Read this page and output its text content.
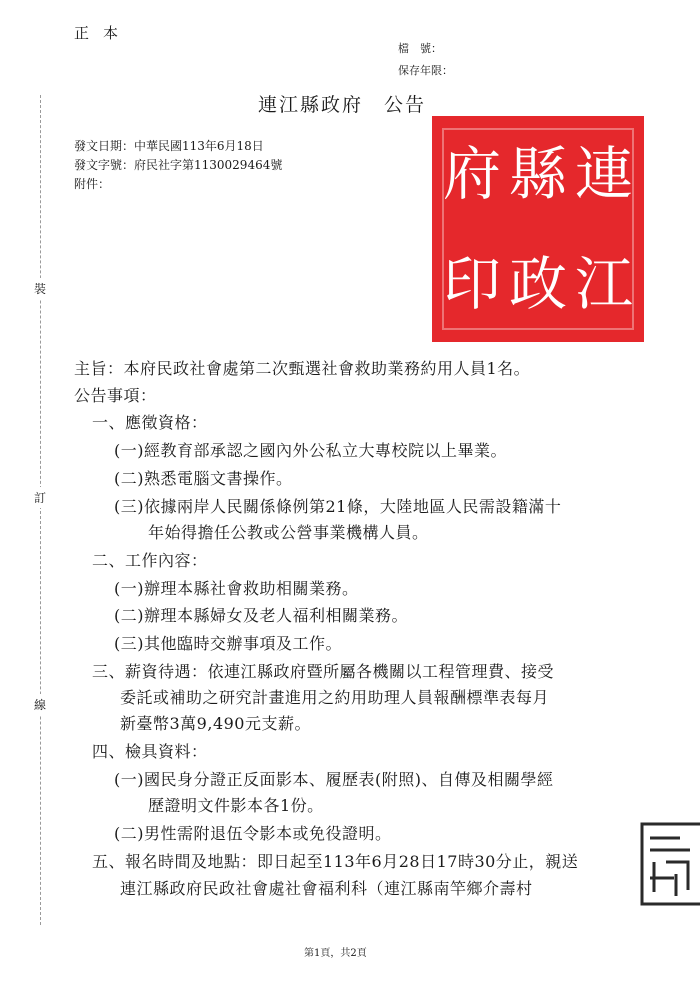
正本
檔　號：
保存年限：
裝
訂
線
連江縣政府　公告
發文日期：中華民國113年6月18日
發文字號：府民社字第1130029464號
附件：	連
縣
府
江
政
印
主旨：本府民政社會處第二次甄選社會救助業務約用人員1名。
公告事項：
一、應徵資格：
(一)經教育部承認之國內外公私立大專校院以上畢業。
(二)熟悉電腦文書操作。
(三)依據兩岸人民關係條例第21條，大陸地區人民需設籍滿十
年始得擔任公教或公營事業機構人員。
二、工作內容：
(一)辦理本縣社會救助相關業務。
(二)辦理本縣婦女及老人福利相關業務。
(三)其他臨時交辦事項及工作。
三、薪資待遇：依連江縣政府暨所屬各機關以工程管理費、接受
委託或補助之研究計畫進用之約用助理人員報酬標準表每月
新臺幣3萬9,490元支薪。
四、檢具資料：
(一)國民身分證正反面影本、履歷表(附照)、自傳及相關學經
歷證明文件影本各1份。
(二)男性需附退伍令影本或免役證明。
五、報名時間及地點：即日起至113年6月28日17時30分止，親送
連江縣政府民政社會處社會福利科（連江縣南竿鄉介壽村
第1頁，共2頁
